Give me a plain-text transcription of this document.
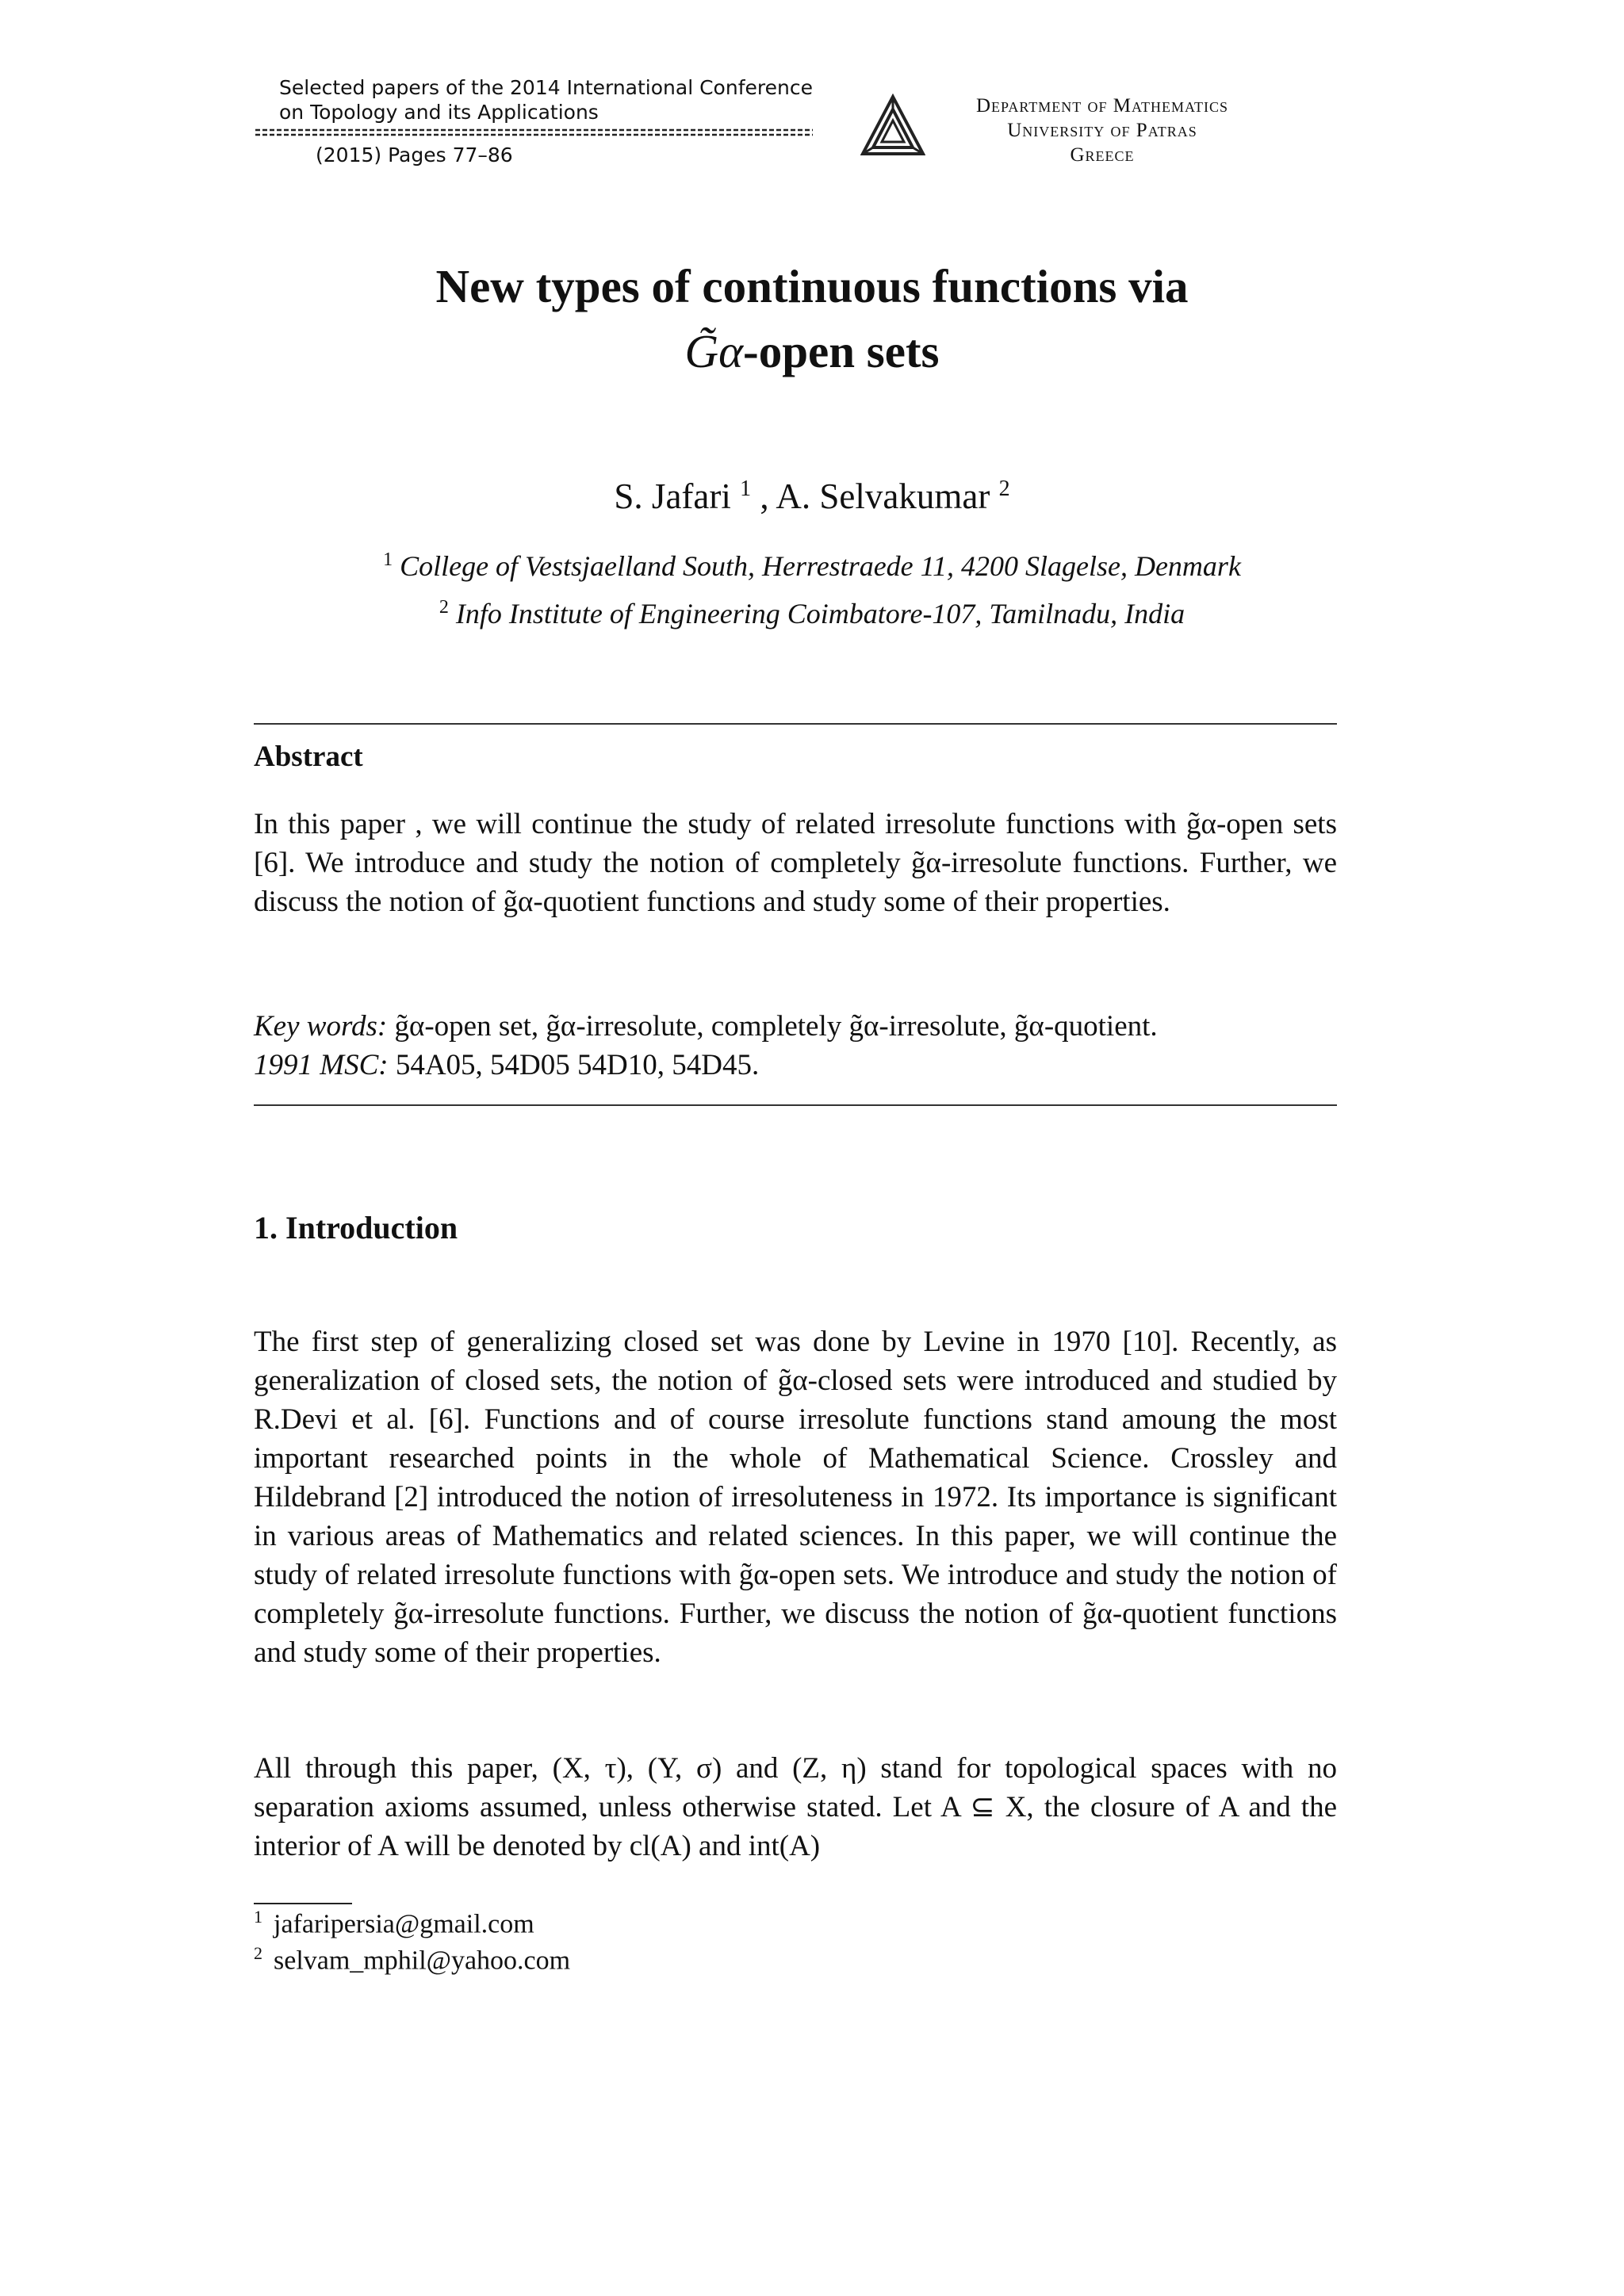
Selected papers of the 2014 International Conference
on Topology and its Applications
(2015) Pages 77–86
Department of Mathematics
University of Patras
Greece
New types of continuous functions via
G̃α-open sets
S. Jafari $^1$ , A. Selvakumar $^2$
$^1$ College of Vestsjaelland South, Herrestraede 11, 4200 Slagelse, Denmark
$^2$ Info Institute of Engineering Coimbatore-107, Tamilnadu, India
Abstract
In this paper , we will continue the study of related irresolute functions with g̃α-open sets [6]. We introduce and study the notion of completely g̃α-irresolute functions. Further, we discuss the notion of g̃α-quotient functions and study some of their properties.
Key words: g̃α-open set, g̃α-irresolute, completely g̃α-irresolute, g̃α-quotient.
1991 MSC: 54A05, 54D05 54D10, 54D45.
1. Introduction
The first step of generalizing closed set was done by Levine in 1970 [10]. Recently, as generalization of closed sets, the notion of g̃α-closed sets were introduced and studied by R.Devi et al. [6]. Functions and of course irresolute functions stand amoung the most important researched points in the whole of Mathematical Science. Crossley and Hildebrand [2] introduced the notion of irresoluteness in 1972. Its importance is significant in various areas of Mathematics and related sciences. In this paper, we will continue the study of related irresolute functions with g̃α-open sets. We introduce and study the notion of completely g̃α-irresolute functions. Further, we discuss the notion of g̃α-quotient functions and study some of their properties.
All through this paper, (X, τ), (Y, σ) and (Z, η) stand for topological spaces with no separation axioms assumed, unless otherwise stated. Let A ⊆ X, the closure of A and the interior of A will be denoted by cl(A) and int(A)
$^1$ jafaripersia@gmail.com
$^2$ selvam_mphil@yahoo.com
